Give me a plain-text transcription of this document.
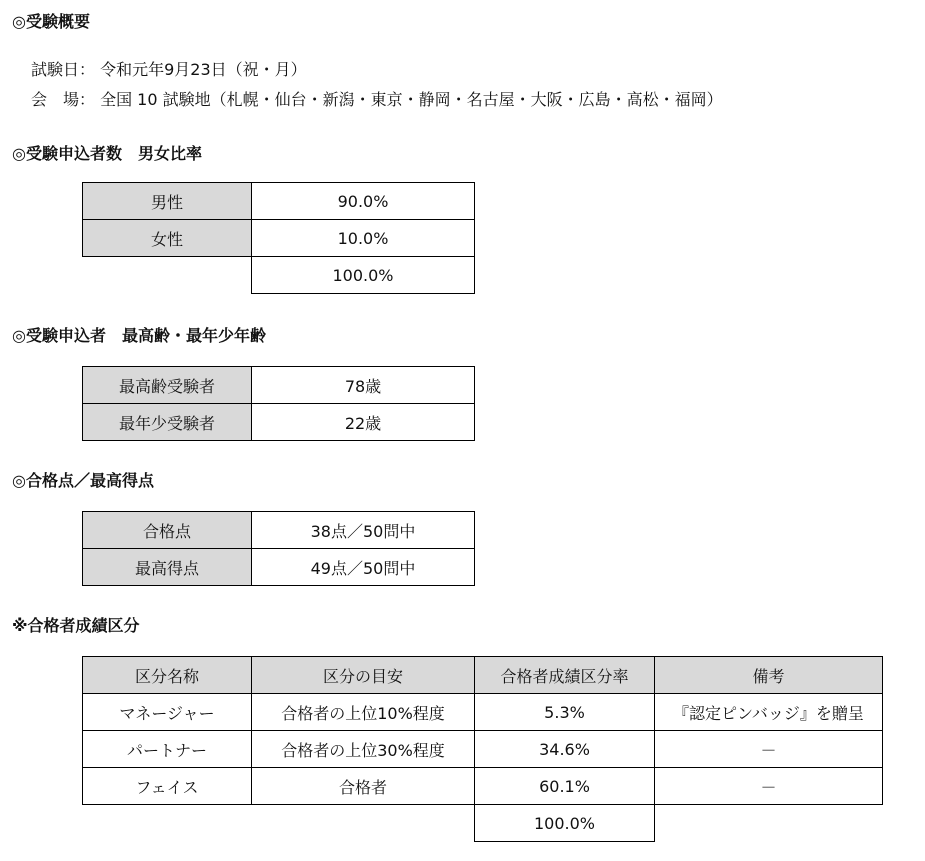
◎受験概要
試験日： 令和元年9月23日（祝・月）
会　場： 全国 10 試験地（札幌・仙台・新潟・東京・静岡・名古屋・大阪・広島・高松・福岡）
◎受験申込者数　男女比率
男性	90.0%
女性	10.0%
	100.0%
◎受験申込者　最高齢・最年少年齢
最高齢受験者	78歳
最年少受験者	22歳
◎合格点／最高得点
合格点	38点／50問中
最高得点	49点／50問中
※合格者成績区分
区分名称	区分の目安	合格者成績区分率	備考
マネージャー	合格者の上位10%程度	5.3%	『認定ピンバッジ』を贈呈
パートナー	合格者の上位30%程度	34.6%	－
フェイス	合格者	60.1%	－
		100.0%	
